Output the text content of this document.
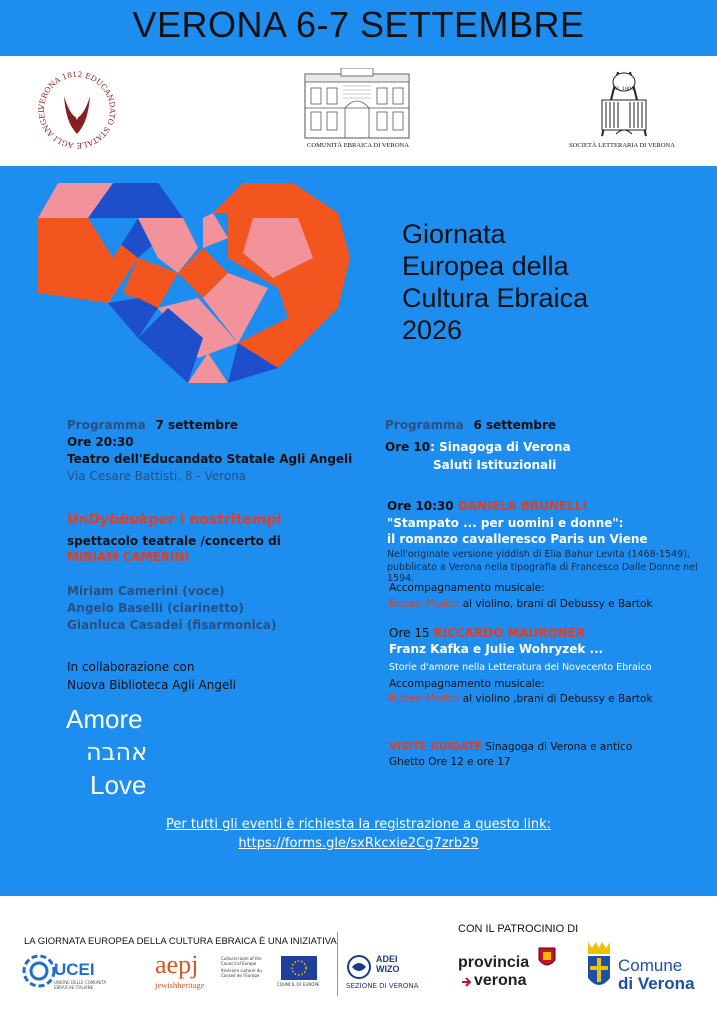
VERONA 6-7 SETTEMBRE
VERONA 1812 EDUCANDATO STATALE AGLI ANGEL
COMUNITÀ EBRAICA DI VERONA
SL 1808
SOCIETÀ LETTERARIA DI VERONA
Giornata
Europea della
Cultura Ebraica
2026
Programma 7 settembre
Ore 20:30
Teatro dell'Educandato Statale Agli Angeli
Via Cesare Battisti, 8 - Verona
UnDybbukper i nostritempi
spettacolo teatrale /concerto di
MIRIAM CAMERINI
Miriam Camerini (voce)
Angelo Baselli (clarinetto)
Gianluca Casadei (fisarmonica)
In collaborazione con
Nuova Biblioteca Agli Angeli
Amore
אהבה
Love
Programma 6 settembre
Ore 10: Sinagoga di Verona
Saluti Istituzionali
Ore 10:30 DANIELA BRUNELLI
"Stampato ... per uomini e donne":
il romanzo cavalleresco Paris un Viene
Nell'originale versione yiddish di Elia Bahur Levita (1468-1549),
pubblicato a Verona nella tipografia di Francesco Dalle Donne nel 1594.
Accompagnamento musicale:
Ruben Medici al violino, brani di Debussy e Bartok
Ore 15 RICCARDO MAURONER
Franz Kafka e Julie Wohryzek ...
Storie d'amore nella Letteratura del Novecento Ebraico
Accompagnamento musicale:
Ruben Medici al violino ,brani di Debussy e Bartok
VISITE GUIDATE Sinagoga di Verona e antico
Ghetto Ore 12 e ore 17
Per tutti gli eventi è richiesta la registrazione a questo link:
https://forms.gle/sxRkcxie2Cg7zrb29
LA GIORNATA EUROPEA DELLA CULTURA EBRAICA È UNA INIZIATIVA
CON IL PATROCINIO DI
UCEI
UNIONE DELLE COMUNITÀ EBRAICHE ITALIANE
aepj
jewishheritage
Cultural route of the Council of Europe
Itinéraire culturel du Conseil de l'Europe
COUNCIL OF EUROPE
ADEI WIZO
SEZIONE DI VERONA
provincia
verona
Comune
di Verona
